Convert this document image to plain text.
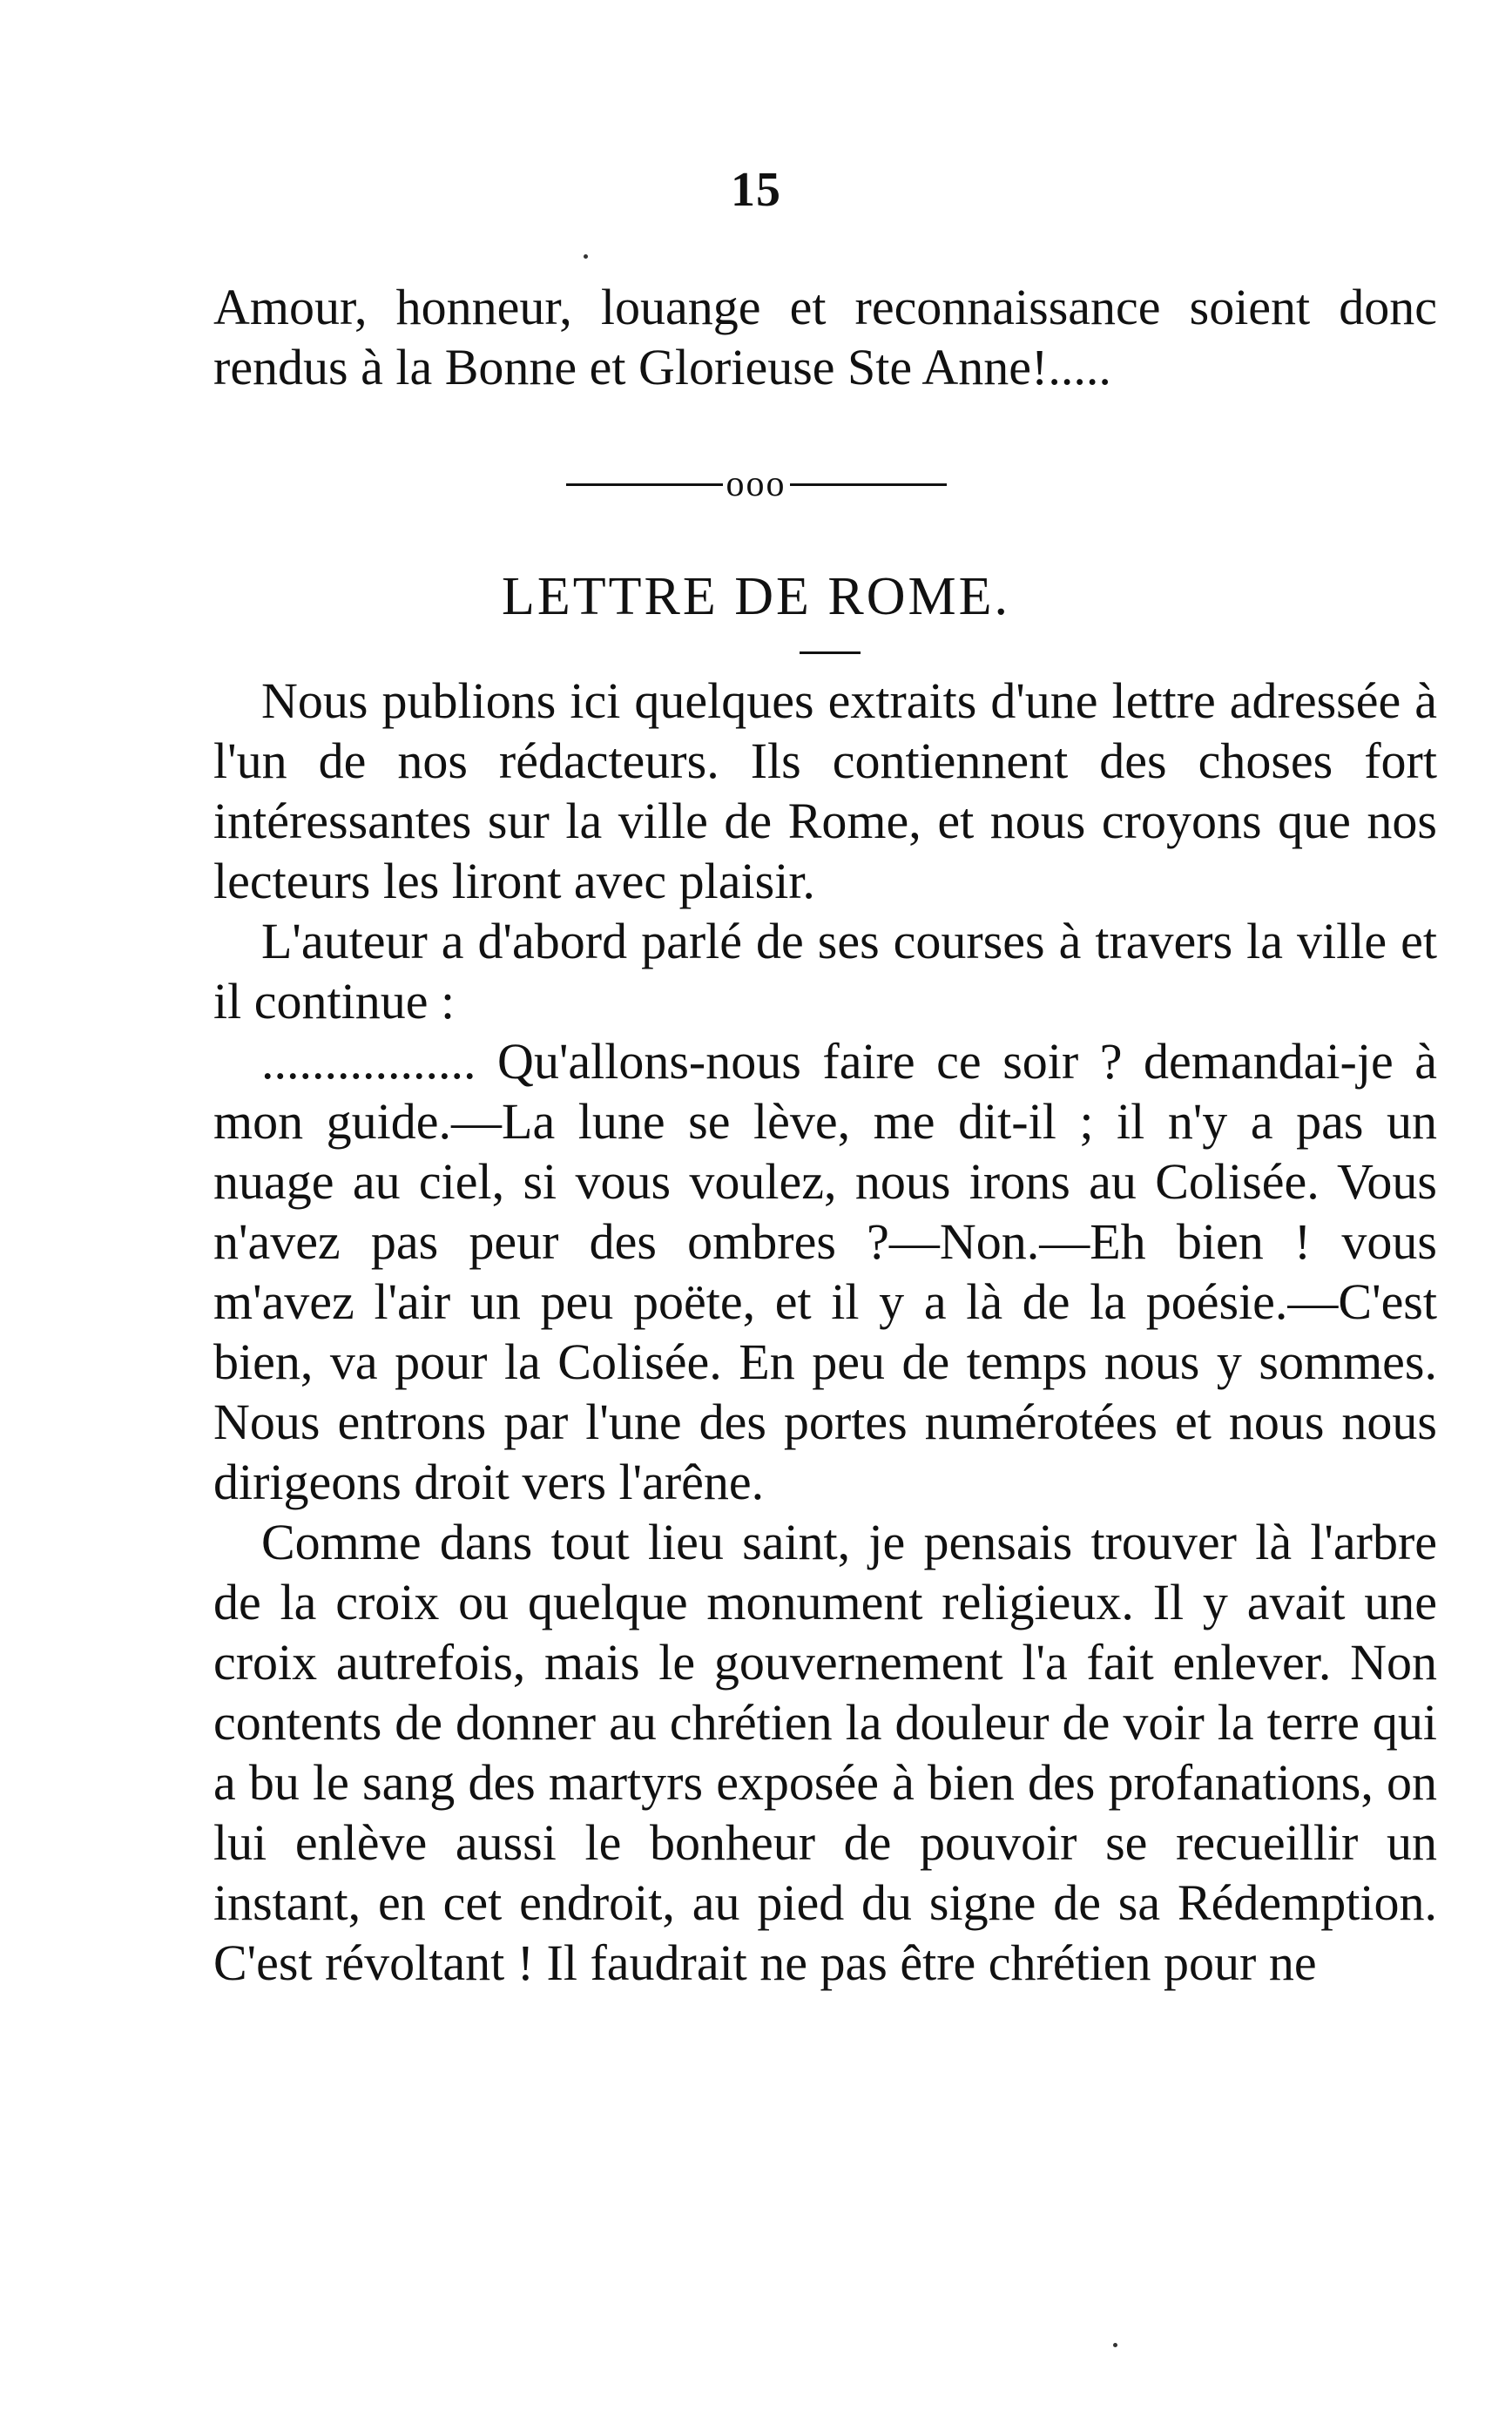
15

Amour, honneur, louange et reconnaissance soient donc rendus à la Bonne et Glorieuse Ste Anne!.....

ooo
LETTRE DE ROME.

Nous publions ici quelques extraits d'une lettre adressée à l'un de nos rédacteurs. Ils contiennent des choses fort intéressantes sur la ville de Rome, et nous croyons que nos lecteurs les liront avec plaisir.

L'auteur a d'abord parlé de ses courses à travers la ville et il continue :

................. Qu'allons-nous faire ce soir ? demandai-je à mon guide.—La lune se lève, me dit-il ; il n'y a pas un nuage au ciel, si vous voulez, nous irons au Colisée. Vous n'avez pas peur des ombres ?—Non.—Eh bien ! vous m'avez l'air un peu poëte, et il y a là de la poésie.—C'est bien, va pour la Colisée. En peu de temps nous y sommes. Nous entrons par l'une des portes numérotées et nous nous dirigeons droit vers l'arêne.

Comme dans tout lieu saint, je pensais trouver là l'arbre de la croix ou quelque monument religieux. Il y avait une croix autrefois, mais le gouvernement l'a fait enlever. Non contents de donner au chrétien la douleur de voir la terre qui a bu le sang des martyrs exposée à bien des profanations, on lui enlève aussi le bonheur de pouvoir se recueillir un instant, en cet endroit, au pied du signe de sa Rédemption. C'est révoltant ! Il faudrait ne pas être chrétien pour ne
